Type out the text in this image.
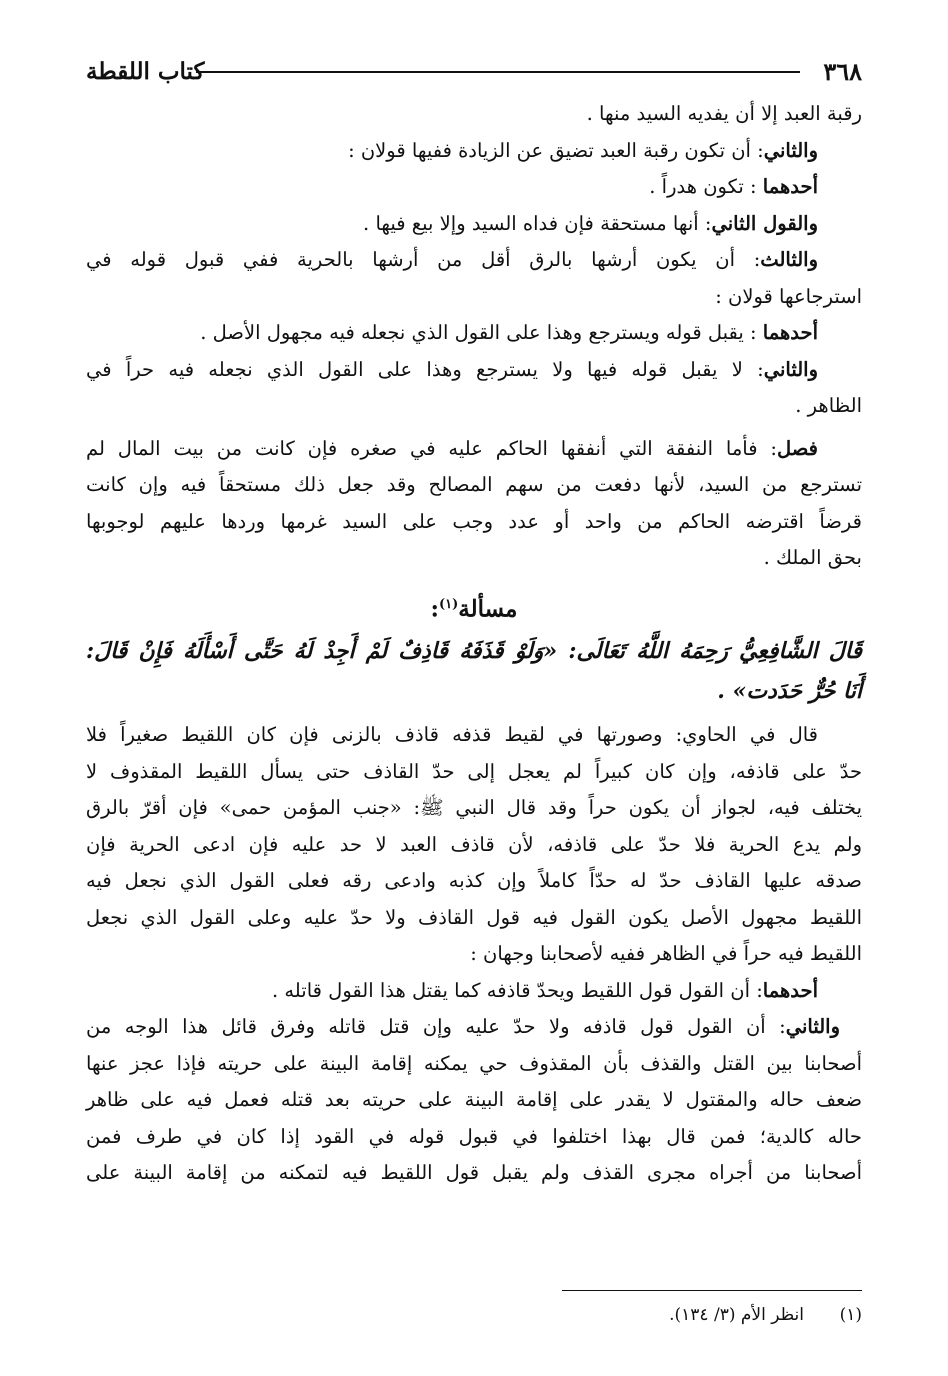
٣٦٨
كتاب اللقطة
رقبة العبد إلا أن يفديه السيد منها .
والثاني: أن تكون رقبة العبد تضيق عن الزيادة ففيها قولان :
أحدهما : تكون هدراً .
والقول الثاني: أنها مستحقة فإن فداه السيد وإلا بيع فيها .
والثالث: أن يكون أرشها بالرق أقل من أرشها بالحرية ففي قبول قوله في
استرجاعها قولان :
أحدهما : يقبل قوله ويسترجع وهذا على القول الذي نجعله فيه مجهول الأصل .
والثاني: لا يقبل قوله فيها ولا يسترجع وهذا على القول الذي نجعله فيه حراً في
الظاهر .
فصل: فأما النفقة التي أنفقها الحاكم عليه في صغره فإن كانت من بيت المال لم
تسترجع من السيد، لأنها دفعت من سهم المصالح وقد جعل ذلك مستحقاً فيه وإن كانت
قرضاً اقترضه الحاكم من واحد أو عدد وجب على السيد غرمها وردها عليهم لوجوبها
بحق الملك .
مسألة$^{(١)}$:
قَالَ الشَّافِعِيُّ رَحِمَهُ اللَّهُ تَعَالَى: «وَلَوْ قَذَفَهُ قَاذِفٌ لَمْ أَجِدْ لَهُ حَتَّى أَسْأَلَهُ فَإِنْ قَالَ:
أَنَا حُرٌّ حَدَدت» .
قال في الحاوي: وصورتها في لقيط قذفه قاذف بالزنى فإن كان اللقيط صغيراً فلا
حدّ على قاذفه، وإن كان كبيراً لم يعجل إلى حدّ القاذف حتى يسأل اللقيط المقذوف لا
يختلف فيه، لجواز أن يكون حراً وقد قال النبي ﷺ: «جنب المؤمن حمى» فإن أقرّ بالرق
ولم يدع الحرية فلا حدّ على قاذفه، لأن قاذف العبد لا حد عليه فإن ادعى الحرية فإن
صدقه عليها القاذف حدّ له حدّاً كاملاً وإن كذبه وادعى رقه فعلى القول الذي نجعل فيه
اللقيط مجهول الأصل يكون القول فيه قول القاذف ولا حدّ عليه وعلى القول الذي نجعل
اللقيط فيه حراً في الظاهر ففيه لأصحابنا وجهان :
أحدهما: أن القول قول اللقيط ويحدّ قاذفه كما يقتل هذا القول قاتله .
والثاني: أن القول قول قاذفه ولا حدّ عليه وإن قتل قاتله وفرق قائل هذا الوجه من
أصحابنا بين القتل والقذف بأن المقذوف حي يمكنه إقامة البينة على حريته فإذا عجز عنها
ضعف حاله والمقتول لا يقدر على إقامة البينة على حريته بعد قتله فعمل فيه على ظاهر
حاله كالدية؛ فمن قال بهذا اختلفوا في قبول قوله في القود إذا كان في طرف فمن
أصحابنا من أجراه مجرى القذف ولم يقبل قول اللقيط فيه لتمكنه من إقامة البينة على
(١)انظر الأم (٣/ ١٣٤).
